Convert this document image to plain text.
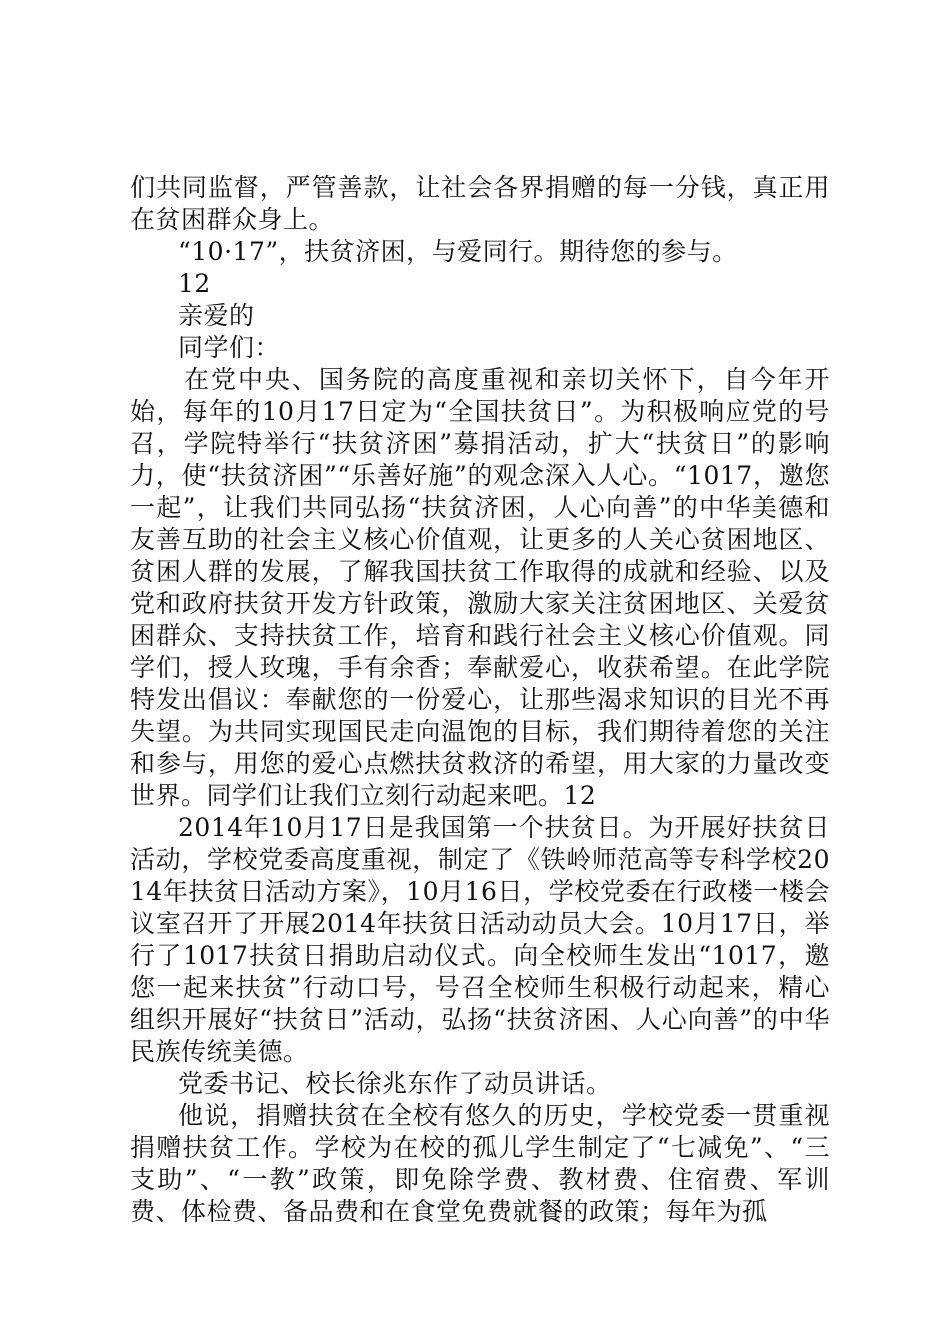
们共同监督，严管善款，让社会各界捐赠的每一分钱，真正用在贫困群众身上。

“10·17”，扶贫济困，与爱同行。期待您的参与。

12

亲爱的

同学们：

在党中央、国务院的高度重视和亲切关怀下，自今年开始，每年的10月17日定为“全国扶贫日”。为积极响应党的号召，学院特举行“扶贫济困”募捐活动，扩大“扶贫日”的影响力，使“扶贫济困”“乐善好施”的观念深入人心。“1017，邀您一起”，让我们共同弘扬“扶贫济困，人心向善”的中华美德和友善互助的社会主义核心价值观，让更多的人关心贫困地区、贫困人群的发展，了解我国扶贫工作取得的成就和经验、以及党和政府扶贫开发方针政策，激励大家关注贫困地区、关爱贫困群众、支持扶贫工作，培育和践行社会主义核心价值观。同学们，授人玫瑰，手有余香；奉献爱心，收获希望。在此学院特发出倡议：奉献您的一份爱心，让那些渴求知识的目光不再失望。为共同实现国民走向温饱的目标，我们期待着您的关注和参与，用您的爱心点燃扶贫救济的希望，用大家的力量改变世界。同学们让我们立刻行动起来吧。12

2014年10月17日是我国第一个扶贫日。为开展好扶贫日活动，学校党委高度重视，制定了《铁岭师范高等专科学校2014年扶贫日活动方案》，10月16日，学校党委在行政楼一楼会议室召开了开展2014年扶贫日活动动员大会。10月17日，举行了1017扶贫日捐助启动仪式。向全校师生发出“1017，邀您一起来扶贫”行动口号，号召全校师生积极行动起来，精心组织开展好“扶贫日”活动，弘扬“扶贫济困、人心向善”的中华民族传统美德。

党委书记、校长徐兆东作了动员讲话。

他说，捐赠扶贫在全校有悠久的历史，学校党委一贯重视捐赠扶贫工作。学校为在校的孤儿学生制定了“七减免”、“三支助”、“一教”政策，即免除学费、教材费、住宿费、军训费、体检费、备品费和在食堂免费就餐的政策；每年为孤
